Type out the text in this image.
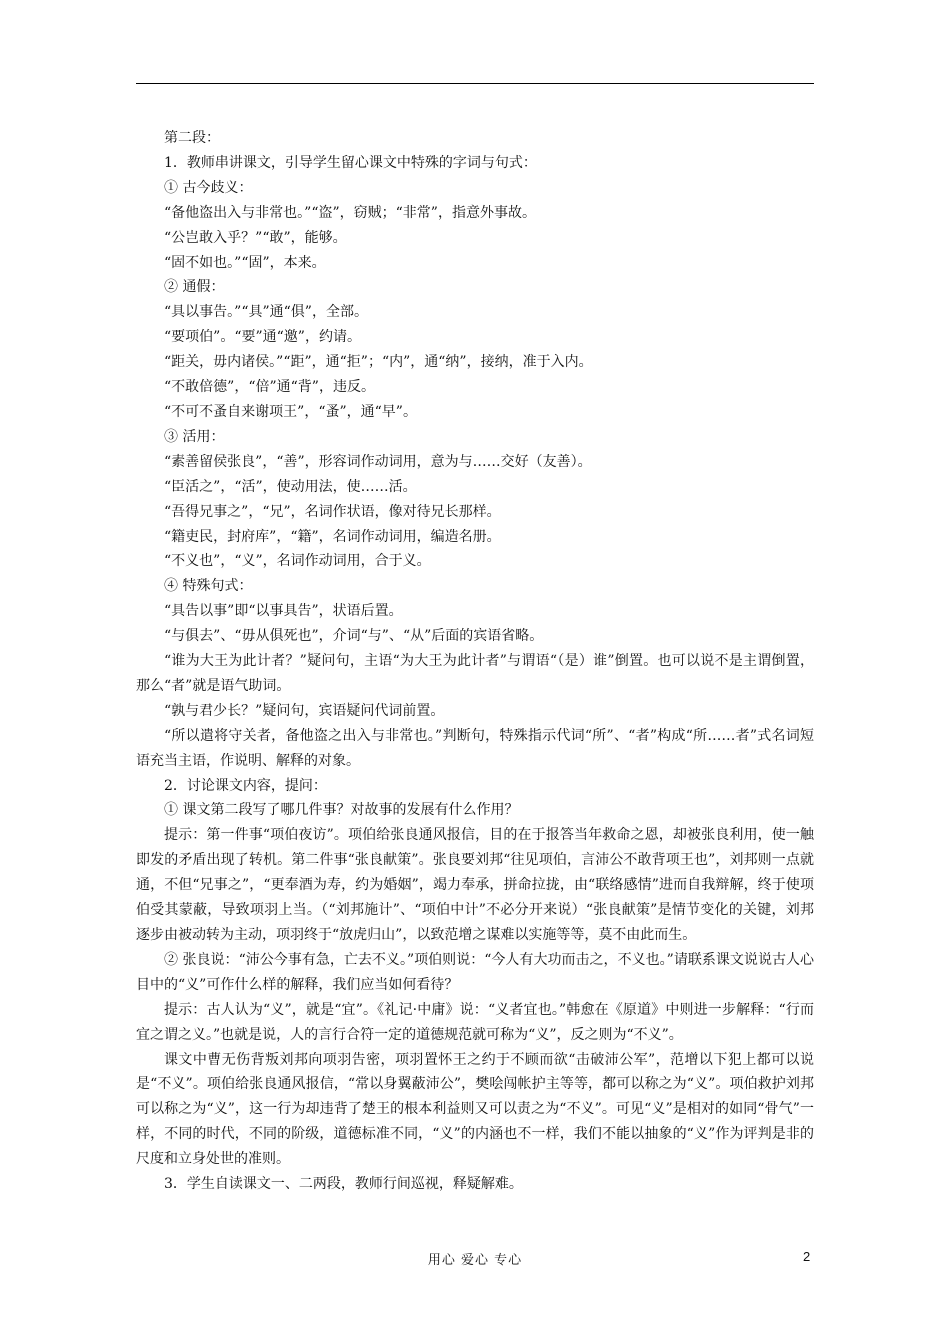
第二段：

1．教师串讲课文，引导学生留心课文中特殊的字词与句式：

① 古今歧义：

“备他盗出入与非常也。”“盗”，窃贼；“非常”，指意外事故。

“公岂敢入乎？”“敢”，能够。

“固不如也。”“固”，本来。

② 通假：

“具以事告。”“具”通“俱”，全部。

“要项伯”。“要”通“邀”，约请。

“距关，毋内诸侯。”“距”，通“拒”；“内”，通“纳”，接纳，准于入内。

“不敢倍德”，“倍”通“背”，违反。

“不可不蚤自来谢项王”，“蚤”，通“早”。

③ 活用：

“素善留侯张良”，“善”，形容词作动词用，意为与……交好（友善）。

“臣活之”，“活”，使动用法，使……活。

“吾得兄事之”，“兄”，名词作状语，像对待兄长那样。

“籍吏民，封府库”，“籍”，名词作动词用，编造名册。

“不义也”，“义”，名词作动词用，合于义。

④ 特殊句式：

“具告以事”即“以事具告”，状语后置。

“与俱去”、“毋从俱死也”，介词“与”、“从”后面的宾语省略。

“谁为大王为此计者？”疑问句，主语“为大王为此计者”与谓语“（是）谁”倒置。也可以说不是主谓倒置，那么“者”就是语气助词。

“孰与君少长？”疑问句，宾语疑问代词前置。

“所以遣将守关者，备他盗之出入与非常也。”判断句，特殊指示代词“所”、“者”构成“所……者”式名词短语充当主语，作说明、解释的对象。

2．讨论课文内容，提问：

① 课文第二段写了哪几件事？对故事的发展有什么作用？

提示：第一件事“项伯夜访”。项伯给张良通风报信，目的在于报答当年救命之恩，却被张良利用，使一触即发的矛盾出现了转机。第二件事“张良献策”。张良要刘邦“往见项伯，言沛公不敢背项王也”，刘邦则一点就通，不但“兄事之”，“更奉酒为寿，约为婚姻”，竭力奉承，拼命拉拢，由“联络感情”进而自我辩解，终于使项伯受其蒙蔽，导致项羽上当。（“刘邦施计”、“项伯中计”不必分开来说）“张良献策”是情节变化的关键，刘邦逐步由被动转为主动，项羽终于“放虎归山”，以致范增之谋难以实施等等，莫不由此而生。

② 张良说：“沛公今事有急，亡去不义。”项伯则说：“今人有大功而击之，不义也。”请联系课文说说古人心目中的“义”可作什么样的解释，我们应当如何看待？

提示：古人认为“义”，就是“宜”。《礼记·中庸》说：“义者宜也。”韩愈在《原道》中则进一步解释：“行而宜之谓之义。”也就是说，人的言行合符一定的道德规范就可称为“义”，反之则为“不义”。

课文中曹无伤背叛刘邦向项羽告密，项羽置怀王之约于不顾而欲“击破沛公军”，范增以下犯上都可以说是“不义”。项伯给张良通风报信，“常以身翼蔽沛公”，樊哙闯帐护主等等，都可以称之为“义”。项伯救护刘邦可以称之为“义”，这一行为却违背了楚王的根本利益则又可以责之为“不义”。可见“义”是相对的如同“骨气”一样，不同的时代，不同的阶级，道德标准不同，“义”的内涵也不一样，我们不能以抽象的“义”作为评判是非的尺度和立身处世的准则。

3．学生自读课文一、二两段，教师行间巡视，释疑解难。

用心 爱心 专心	2
